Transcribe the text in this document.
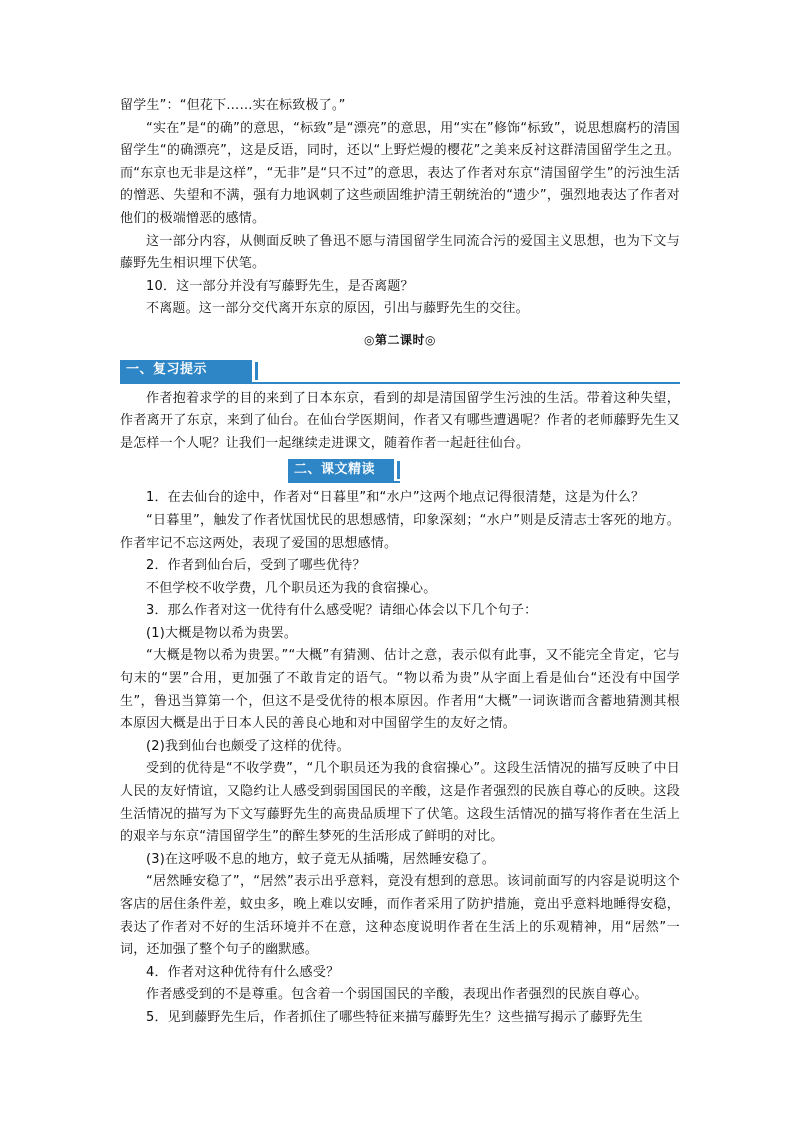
留学生”：“但花下……实在标致极了。”

“实在”是“的确”的意思，“标致”是“漂亮”的意思，用“实在”修饰“标致”，说思想腐朽的清国留学生“的确漂亮”，这是反语，同时，还以“上野烂熳的樱花”之美来反衬这群清国留学生之丑。而“东京也无非是这样”，“无非”是“只不过”的意思，表达了作者对东京“清国留学生”的污浊生活的憎恶、失望和不满，强有力地讽刺了这些顽固维护清王朝统治的“遗少”，强烈地表达了作者对他们的极端憎恶的感情。

这一部分内容，从侧面反映了鲁迅不愿与清国留学生同流合污的爱国主义思想，也为下文与藤野先生相识埋下伏笔。

10．这一部分并没有写藤野先生，是否离题？

不离题。这一部分交代离开东京的原因，引出与藤野先生的交往。

◎第二课时◎
一、复习提示

作者抱着求学的目的来到了日本东京，看到的却是清国留学生污浊的生活。带着这种失望，作者离开了东京，来到了仙台。在仙台学医期间，作者又有哪些遭遇呢？作者的老师藤野先生又是怎样一个人呢？让我们一起继续走进课文，随着作者一起赶往仙台。

二、课文精读

1．在去仙台的途中，作者对“日暮里”和“水户”这两个地点记得很清楚，这是为什么？

“日暮里”，触发了作者忧国忧民的思想感情，印象深刻；“水户”则是反清志士客死的地方。作者牢记不忘这两处，表现了爱国的思想感情。

2．作者到仙台后，受到了哪些优待？

不但学校不收学费，几个职员还为我的食宿操心。

3．那么作者对这一优待有什么感受呢？请细心体会以下几个句子：

(1)大概是物以希为贵罢。

“大概是物以希为贵罢。”“大概”有猜测、估计之意，表示似有此事，又不能完全肯定，它与句末的“罢”合用，更加强了不敢肯定的语气。“物以希为贵”从字面上看是仙台“还没有中国学生”，鲁迅当算第一个，但这不是受优待的根本原因。作者用“大概”一词诙谐而含蓄地猜测其根本原因大概是出于日本人民的善良心地和对中国留学生的友好之情。

(2)我到仙台也颇受了这样的优待。

受到的优待是“不收学费”，“几个职员还为我的食宿操心”。这段生活情况的描写反映了中日人民的友好情谊，又隐约让人感受到弱国国民的辛酸，这是作者强烈的民族自尊心的反映。这段生活情况的描写为下文写藤野先生的高贵品质埋下了伏笔。这段生活情况的描写将作者在生活上的艰辛与东京“清国留学生”的醉生梦死的生活形成了鲜明的对比。

(3)在这呼吸不息的地方，蚊子竟无从插嘴，居然睡安稳了。

“居然睡安稳了”，“居然”表示出乎意料，竟没有想到的意思。该词前面写的内容是说明这个客店的居住条件差，蚊虫多，晚上难以安睡，而作者采用了防护措施，竟出乎意料地睡得安稳，表达了作者对不好的生活环境并不在意，这种态度说明作者在生活上的乐观精神，用“居然”一词，还加强了整个句子的幽默感。

4．作者对这种优待有什么感受？

作者感受到的不是尊重。包含着一个弱国国民的辛酸，表现出作者强烈的民族自尊心。

5．见到藤野先生后，作者抓住了哪些特征来描写藤野先生？这些描写揭示了藤野先生
